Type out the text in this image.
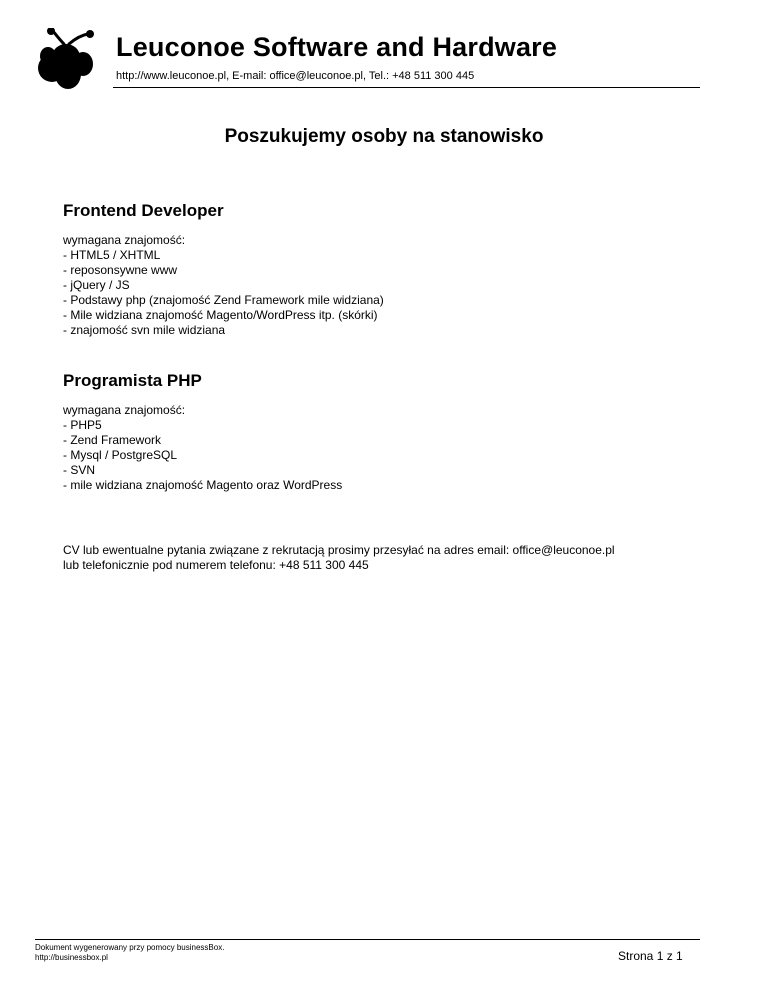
Leuconoe Software and Hardware
http://www.leuconoe.pl, E-mail: office@leuconoe.pl, Tel.: +48 511 300 445
Poszukujemy osoby na stanowisko
Frontend Developer
wymagana znajomość:
- HTML5 / XHTML
- reposonsywne www
- jQuery / JS
- Podstawy php (znajomość Zend Framework mile widziana)
- Mile widziana znajomość Magento/WordPress itp. (skórki)
- znajomość svn mile widziana
Programista PHP
wymagana znajomość:
- PHP5
- Zend Framework
- Mysql / PostgreSQL
- SVN
- mile widziana znajomość Magento oraz WordPress
CV lub ewentualne pytania związane z rekrutacją prosimy przesyłać na adres email: office@leuconoe.pl
lub telefonicznie pod numerem telefonu: +48 511 300 445
Dokument wygenerowany przy pomocy businessBox.
http://businessbox.pl	Strona 1 z 1
